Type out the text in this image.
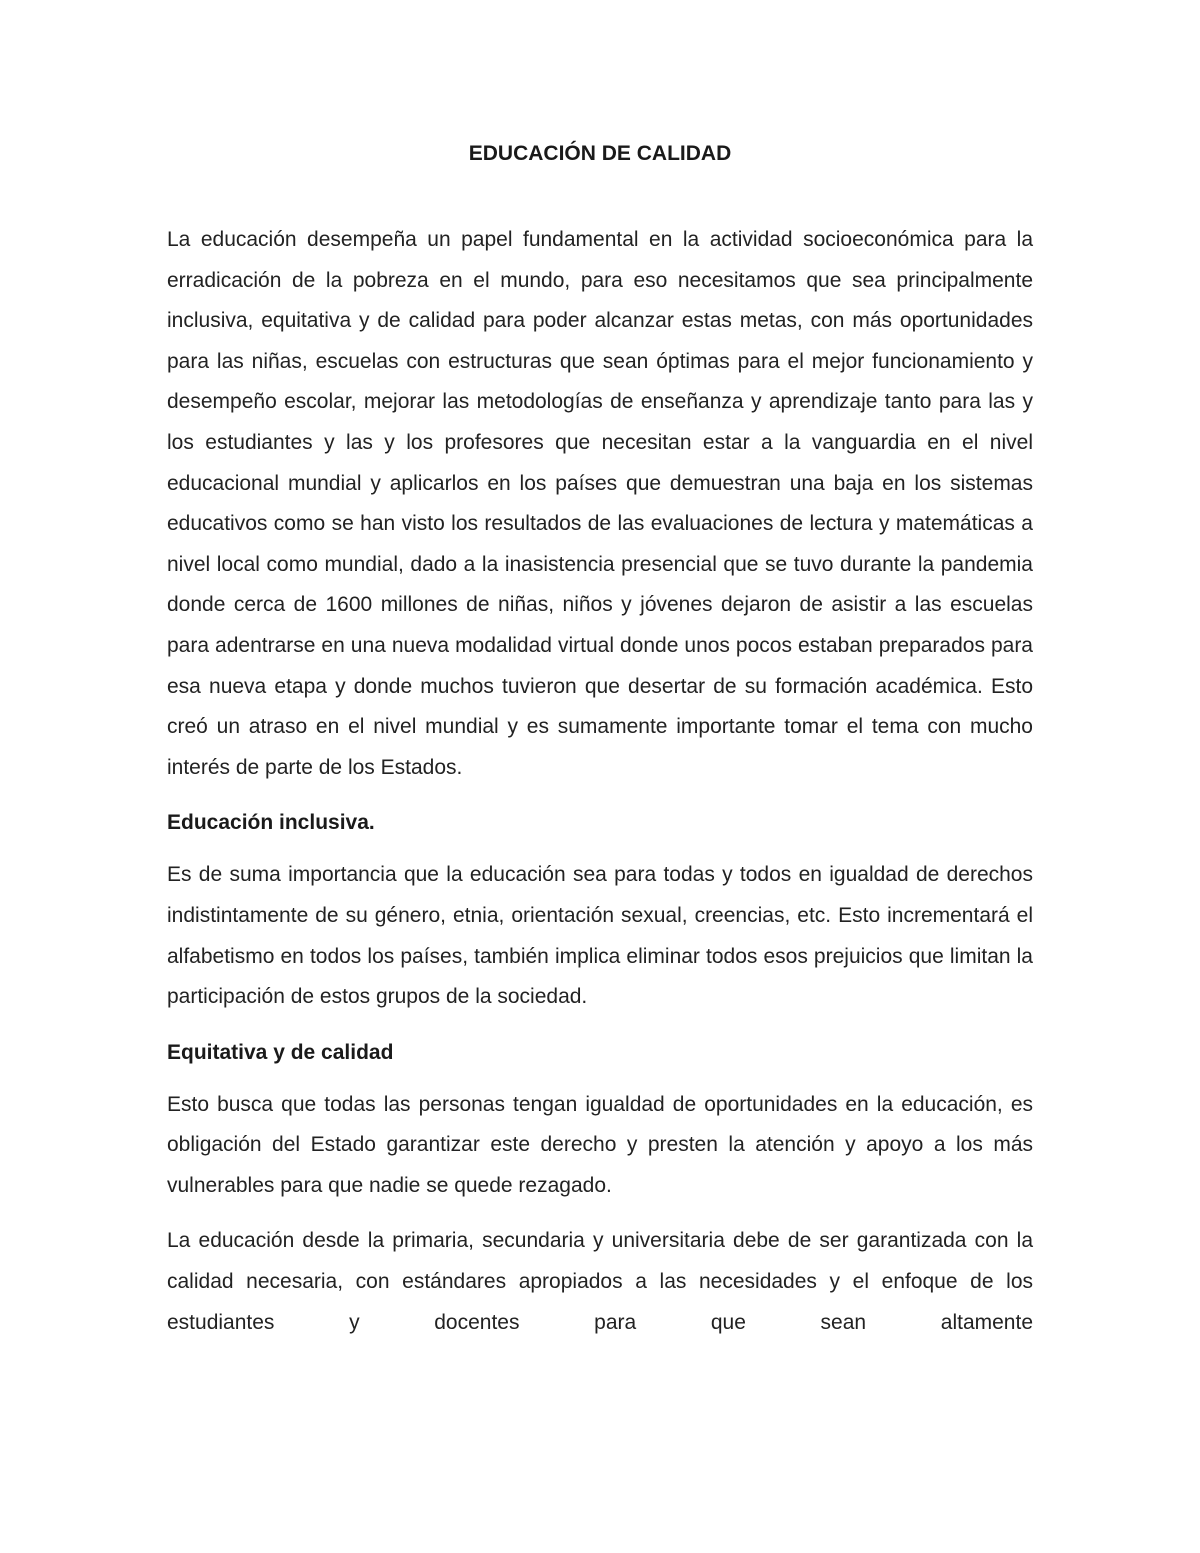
EDUCACIÓN DE CALIDAD

La educación desempeña un papel fundamental en la actividad socioeconómica para la erradicación de la pobreza en el mundo, para eso necesitamos que sea principalmente inclusiva, equitativa y de calidad para poder alcanzar estas metas, con más oportunidades para las niñas, escuelas con estructuras que sean óptimas para el mejor funcionamiento y desempeño escolar, mejorar las metodologías de enseñanza y aprendizaje tanto para las y los estudiantes y las y los profesores que necesitan estar a la vanguardia en el nivel educacional mundial y aplicarlos en los países que demuestran una baja en los sistemas educativos como se han visto los resultados de las evaluaciones de lectura y matemáticas a nivel local como mundial, dado a la inasistencia presencial que se tuvo durante la pandemia donde cerca de 1600 millones de niñas, niños y jóvenes dejaron de asistir a las escuelas para adentrarse en una nueva modalidad virtual donde unos pocos estaban preparados para esa nueva etapa y donde muchos tuvieron que desertar de su formación académica. Esto creó un atraso en el nivel mundial y es sumamente importante tomar el tema con mucho interés de parte de los Estados.

Educación inclusiva.

Es de suma importancia que la educación sea para todas y todos en igualdad de derechos indistintamente de su género, etnia, orientación sexual, creencias, etc. Esto incrementará el alfabetismo en todos los países, también implica eliminar todos esos prejuicios que limitan la participación de estos grupos de la sociedad.

Equitativa y de calidad

Esto busca que todas las personas tengan igualdad de oportunidades en la educación, es obligación del Estado garantizar este derecho y presten la atención y apoyo a los más vulnerables para que nadie se quede rezagado.

La educación desde la primaria, secundaria y universitaria debe de ser garantizada con la calidad necesaria, con estándares apropiados a las necesidades y el enfoque de los estudiantes y docentes para que sean altamente
